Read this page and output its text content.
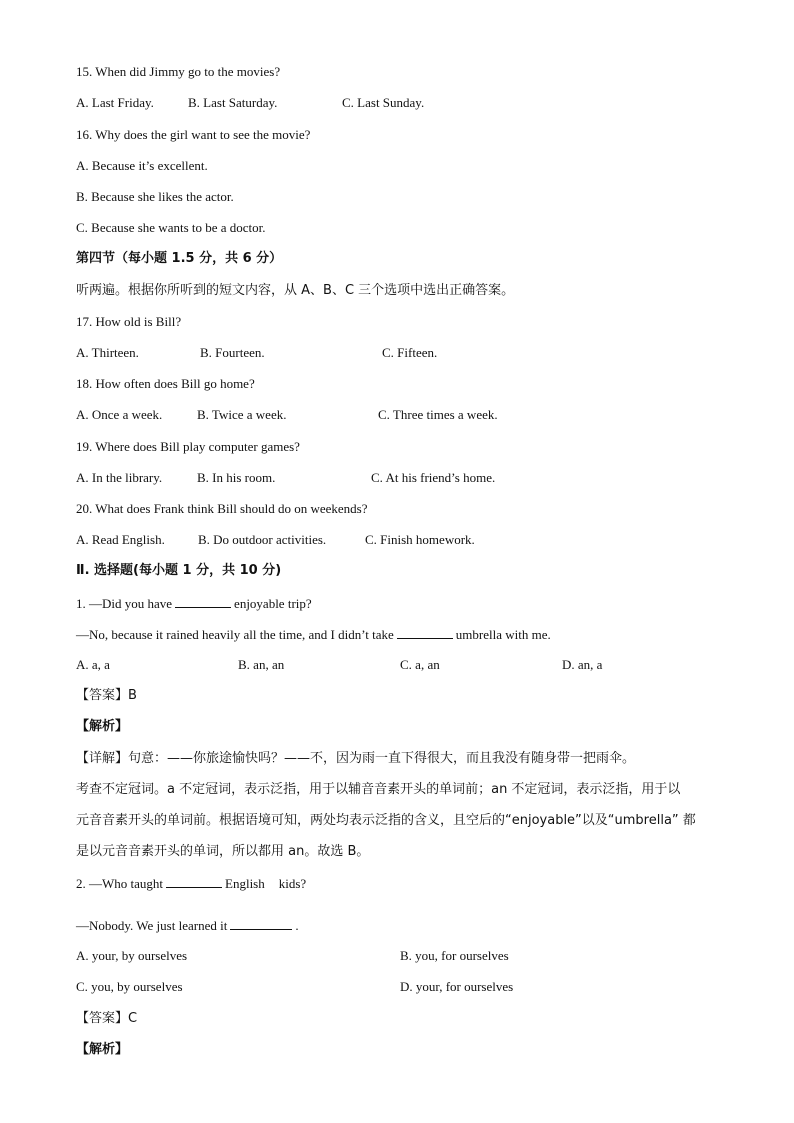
15. When did Jimmy go to the movies?
A. Last Friday.	B. Last Saturday.	C. Last Sunday.
16. Why does the girl want to see the movie?
A. Because it’s excellent.
B. Because she likes the actor.
C. Because she wants to be a doctor.
第四节（每小题 1.5 分，共 6 分）
听两遍。根据你所听到的短文内容，从 A、B、C 三个选项中选出正确答案。
17. How old is Bill?
A. Thirteen.	B. Fourteen.	C. Fifteen.
18. How often does Bill go home?
A. Once a week.	B. Twice a week.	C. Three times a week.
19. Where does Bill play computer games?
A. In the library.	B. In his room.	C. At his friend’s home.
20. What does Frank think Bill should do on weekends?
A. Read English.	B. Do outdoor activities.	C. Finish homework.
Ⅱ. 选择题(每小题 1 分，共 10 分)
1. —Did you have	enjoyable trip?
—No, because it rained heavily all the time, and I didn’t take	umbrella with me.
A. a, a	B. an, an	C. a, an	D. an, a
【答案】B
【解析】
【详解】句意：——你旅途愉快吗？——不，因为雨一直下得很大，而且我没有随身带一把雨伞。
考查不定冠词。a 不定冠词，表示泛指，用于以辅音音素开头的单词前；an 不定冠词，表示泛指，用于以
元音音素开头的单词前。根据语境可知，两处均表示泛指的含义，且空后的“enjoyable”以及“umbrella” 都
是以元音音素开头的单词，所以都用 an。故选 B。
2. —Who taught	English kids?
—Nobody. We just learned it	.
A. your, by ourselves	B. you, for ourselves
C. you, by ourselves	D. your, for ourselves
【答案】C
【解析】
